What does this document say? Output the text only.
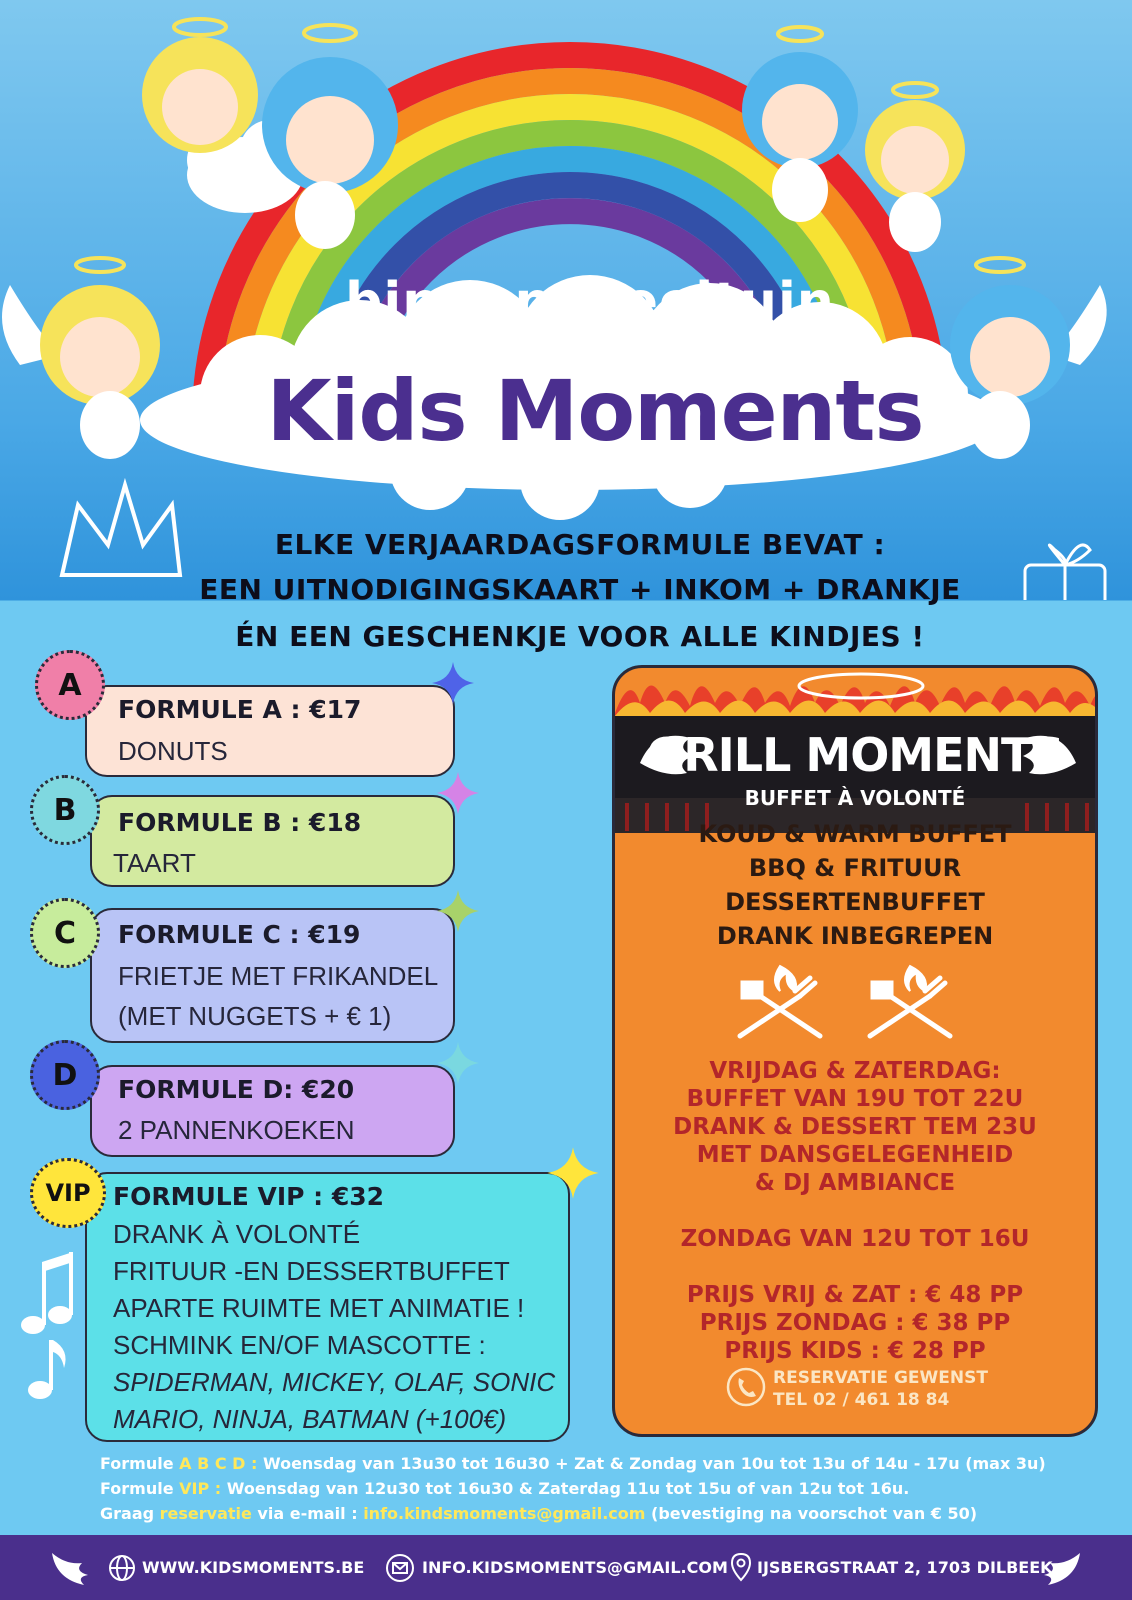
binnenspeeltuin
Kids Moments
ELKE VERJAARDAGSFORMULE BEVAT :
EEN UITNODIGINGSKAART + INKOM + DRANKJE
ÉN EEN GESCHENKJE VOOR ALLE KINDJES !
A
FORMULE A : €17
DONUTS
B	FORMULE B : €18
TAART
C	FORMULE C : €19
FRIETJE MET FRIKANDEL
(MET NUGGETS + € 1)
D	FORMULE D: €20
2 PANNENKOEKEN
VIP FORMULE VIP : €32
DRANK À VOLONTÉ
FRITUUR -EN DESSERTBUFFET
APARTE RUIMTE MET ANIMATIE !
SCHMINK EN/OF MASCOTTE :
SPIDERMAN, MICKEY, OLAF, SONIC
MARIO, NINJA, BATMAN (+100€)
GRILL MOMENTS
BUFFET À VOLONTÉ
KOUD & WARM BUFFET
BBQ & FRITUUR
DESSERTENBUFFET
DRANK INBEGREPEN
VRIJDAG & ZATERDAG:
BUFFET VAN 19U TOT 22U
DRANK & DESSERT TEM 23U
MET DANSGELEGENHEID
& DJ AMBIANCE
ZONDAG VAN 12U TOT 16U
PRIJS VRIJ & ZAT : € 48 PP
PRIJS ZONDAG : € 38 PP
PRIJS KIDS : € 28 PP
RESERVATIE GEWENST
TEL 02 / 461 18 84
Formule A B C D : Woensdag van 13u30 tot 16u30 + Zat & Zondag van 10u tot 13u of 14u - 17u (max 3u)
Formule VIP : Woensdag van 12u30 tot 16u30 & Zaterdag 11u tot 15u of van 12u tot 16u.
Graag reservatie via e-mail : info.kindsmoments@gmail.com (bevestiging na voorschot van € 50)
WWW.KIDSMOMENTS.BE	INFO.KIDSMOMENTS@GMAIL.COM IJSBERGSTRAAT 2, 1703 DILBEEK
